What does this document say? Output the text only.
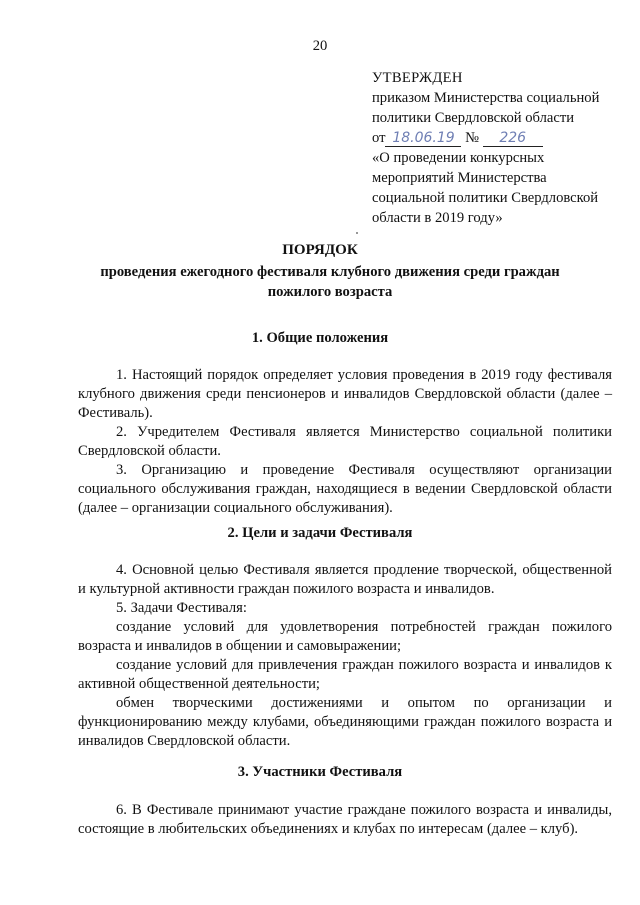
20
УТВЕРЖДЕН
приказом Министерства социальной
политики Свердловской области
от 18.06.19 № 226
«О проведении конкурсных мероприятий Министерства социальной политики Свердловской области в 2019 году»
ПОРЯДОК
проведения ежегодного фестиваля клубного движения среди граждан пожилого возраста
1. Общие положения
1. Настоящий порядок определяет условия проведения в 2019 году фестиваля клубного движения среди пенсионеров и инвалидов Свердловской области (далее – Фестиваль).
2. Учредителем Фестиваля является Министерство социальной политики Свердловской области.
3. Организацию и проведение Фестиваля осуществляют организации социального обслуживания граждан, находящиеся в ведении Свердловской области (далее – организации социального обслуживания).
2. Цели и задачи Фестиваля
4. Основной целью Фестиваля является продление творческой, общественной и культурной активности граждан пожилого возраста и инвалидов.
5. Задачи Фестиваля:
создание условий для удовлетворения потребностей граждан пожилого возраста и инвалидов в общении и самовыражении;
создание условий для привлечения граждан пожилого возраста и инвалидов к активной общественной деятельности;
обмен творческими достижениями и опытом по организации и функционированию между клубами, объединяющими граждан пожилого возраста и инвалидов Свердловской области.
3. Участники Фестиваля
6. В Фестивале принимают участие граждане пожилого возраста и инвалиды, состоящие в любительских объединениях и клубах по интересам (далее – клуб).
